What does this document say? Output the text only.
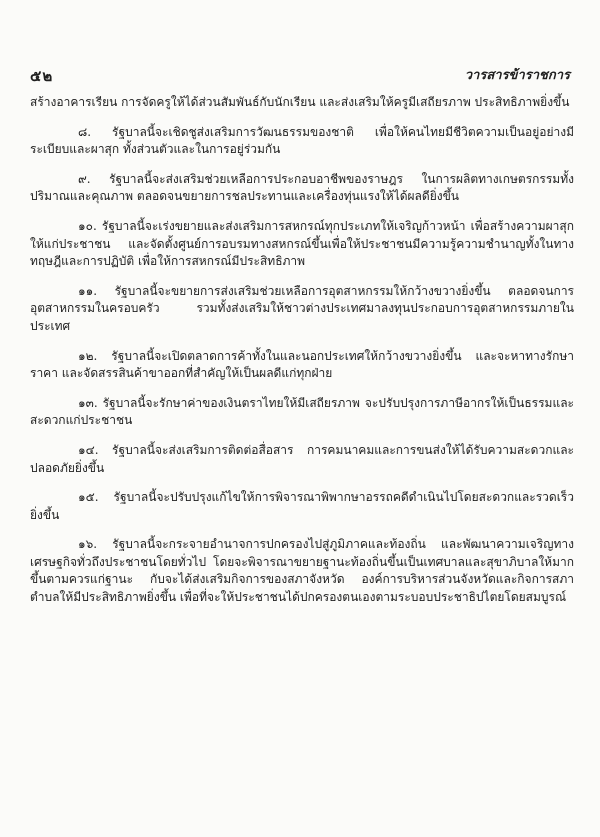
๕๒	วารสารข้าราชการ

สร้างอาคารเรียน การจัดครูให้ได้ส่วนสัมพันธ์กับนักเรียน และส่งเสริมให้ครูมีเสถียรภาพ ประสิทธิภาพยิ่งขึ้น

๘. รัฐบาลนี้จะเชิดชูส่งเสริมการวัฒนธรรมของชาติ เพื่อให้คนไทยมีชีวิตความเป็นอยู่อย่างมีระเบียบและผาสุก ทั้งส่วนตัวและในการอยู่ร่วมกัน

๙. รัฐบาลนี้จะส่งเสริมช่วยเหลือการประกอบอาชีพของราษฎร ในการผลิตทางเกษตรกรรมทั้งปริมาณและคุณภาพ ตลอดจนขยายการชลประทานและเครื่องทุ่นแรงให้ได้ผลดียิ่งขึ้น

๑๐. รัฐบาลนี้จะเร่งขยายและส่งเสริมการสหกรณ์ทุกประเภทให้เจริญก้าวหน้า เพื่อสร้างความผาสุกให้แก่ประชาชน และจัดตั้งศูนย์การอบรมทางสหกรณ์ขึ้นเพื่อให้ประชาชนมีความรู้ความชำนาญทั้งในทางทฤษฎีและการปฏิบัติ เพื่อให้การสหกรณ์มีประสิทธิภาพ

๑๑. รัฐบาลนี้จะขยายการส่งเสริมช่วยเหลือการอุตสาหกรรมให้กว้างขวางยิ่งขึ้น ตลอดจนการอุตสาหกรรมในครอบครัว รวมทั้งส่งเสริมให้ชาวต่างประเทศมาลงทุนประกอบการอุตสาหกรรมภายในประเทศ

๑๒. รัฐบาลนี้จะเปิดตลาดการค้าทั้งในและนอกประเทศให้กว้างขวางยิ่งขึ้น และจะหาทางรักษาราคา และจัดสรรสินค้าขาออกที่สำคัญให้เป็นผลดีแก่ทุกฝ่าย

๑๓. รัฐบาลนี้จะรักษาค่าของเงินตราไทยให้มีเสถียรภาพ จะปรับปรุงการภาษีอากรให้เป็นธรรมและสะดวกแก่ประชาชน

๑๔. รัฐบาลนี้จะส่งเสริมการติดต่อสื่อสาร การคมนาคมและการขนส่งให้ได้รับความสะดวกและปลอดภัยยิ่งขึ้น

๑๕. รัฐบาลนี้จะปรับปรุงแก้ไขให้การพิจารณาพิพากษาอรรถคดีดำเนินไปโดยสะดวกและรวดเร็วยิ่งขึ้น

๑๖. รัฐบาลนี้จะกระจายอำนาจการปกครองไปสู่ภูมิภาคและท้องถิ่น และพัฒนาความเจริญทางเศรษฐกิจทั่วถึงประชาชนโดยทั่วไป โดยจะพิจารณาขยายฐานะท้องถิ่นขึ้นเป็นเทศบาลและสุขาภิบาลให้มากขึ้นตามควรแก่ฐานะ กับจะได้ส่งเสริมกิจการของสภาจังหวัด องค์การบริหารส่วนจังหวัดและกิจการสภาตำบลให้มีประสิทธิภาพยิ่งขึ้น เพื่อที่จะให้ประชาชนได้ปกครองตนเองตามระบอบประชาธิปไตยโดยสมบูรณ์
